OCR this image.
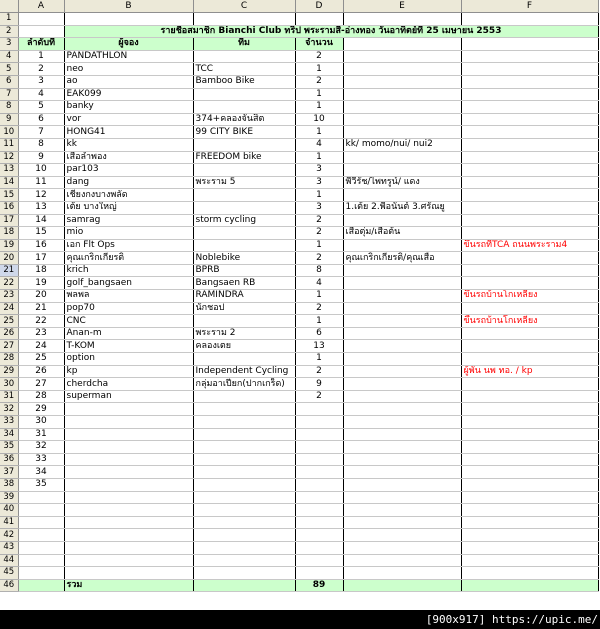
	A	B	C	D	E	F
1						
2		รายชื่อสมาชิก Bianchi Club ทริป พระรามสี่-อ่างทอง วันอาทิตย์ที่ 25 เมษายน 2553				
3	ลำดับที่	ผู้จอง	ทีม	จำนวน		
4	1	PANDATHLON		2		
5	2	neo	TCC	1		
6	3	ao	Bamboo Bike	2		
7	4	EAK099		1		
8	5	banky		1		
9	6	vor	374+คลองจั่นสิต	10		
10	7	HONG41	99 CITY BIKE	1		
11	8	kk		4	kk/ momo/nui/ nui2	
12	9	เสือลำพอง	FREEDOM bike	1		
13	10	par103		3		
14	11	dang	พระราม 5	3	พี่วีรัช/ไพทรูน์/ แดง	
15	12	เชียงกงบางพลัด		1		
16	13	เต้ย บางใหญ่		3	1.เต้ย 2.พี่อนันต์ 3.ศรัณยู	
17	14	samrag	storm cycling	2		
18	15	mio		2	เสือตุ่ม/เสือต้น	
19	16	เอก Flt Ops		1		ขึ้นรถที่TCA ถนนพระราม4
20	17	คุณเกริกเกียรติ	Noblebike	2	คุณเกริกเกียรติ/คุณเสือ	
21	18	krich	BPRB	8		
22	19	golf_bangsaen	Bangsaen RB	4		
23	20	พลพล	RAMINDRA	1		ขึ้นรถบ้านโกเหลียง
24	21	pop70	นักชอป	2		
25	22	CNC		1		ขึ้นรถบ้านโกเหลียง
26	23	Anan-m	พระราม 2	6		
27	24	T-KOM	คลองเตย	13		
28	25	option		1		
29	26	kp	Independent Cycling	2		ผู้พัน นพ ทอ. / kp
30	27	cherdcha	กลุ่มอาเปียก(ปากเกร็ด)	9		
31	28	superman		2		
32	29					
33	30					
34	31					
35	32					
36	33					
37	34					
38	35					
39						
40						
41						
42						
43						
44						
45						
46		รวม		89		
[900x917] https://upic.me/
